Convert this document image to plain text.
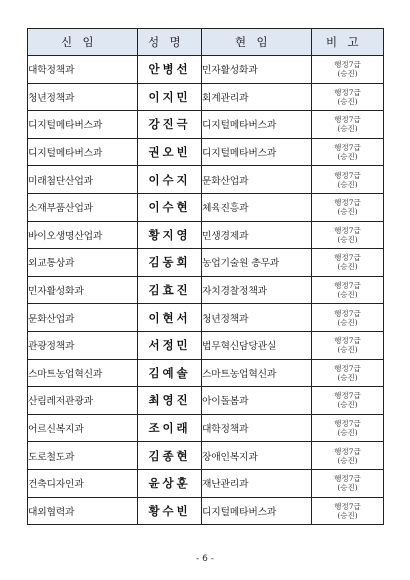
신임	성명	현임	비고
대학정책과	안병선	민자활성화과	행정7급
(승진)

청년정책과	이지민	회계관리과	행정7급
(승진)

디지털메타버스과	강진극	디지털메타버스과	행정7급
(승진)

디지털메타버스과	권오빈	디지털메타버스과	행정7급
(승진)

미래첨단산업과	이수지	문화산업과	행정7급
(승진)

소재부품산업과	이수현	체육진흥과	행정7급
(승진)

바이오생명산업과	황지영	민생경제과	행정7급
(승진)

외교통상과	김동희	농업기술원 총무과	행정7급
(승진)

민자활성화과	김효진	자치경찰정책과	행정7급
(승진)

문화산업과	이현서	청년정책과	행정7급
(승진)

관광정책과	서정민	법무혁신담당관실	행정7급
(승진)

스마트농업혁신과	김예솔	스마트농업혁신과	행정7급
(승진)

산림레저관광과	최영진	아이돌봄과	행정7급
(승진)

어르신복지과	조이래	대학정책과	행정7급
(승진)

도로철도과	김종현	장애인복지과	행정7급
(승진)

건축디자인과	윤상훈	재난관리과	행정7급
(승진)

대외협력과	황수빈	디지털메타버스과	행정7급
(승진)
- 6 -
